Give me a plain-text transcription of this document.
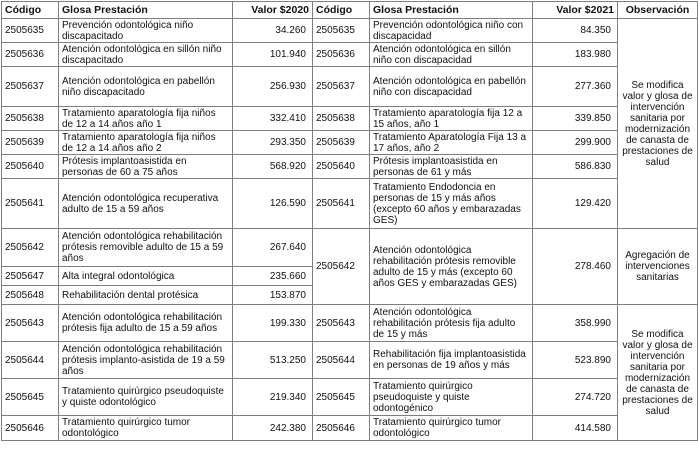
Código	Glosa Prestación	Valor $2020	Código	Glosa Prestación	Valor $2021	Observación
2505635	Prevención odontológica niño discapacitado	34.260	2505635	Prevención odontológica niño con discapacidad	84.350	Se modifica valor y glosa de intervención sanitaria por modernización de canasta de prestaciones de salud
2505636	Atención odontológica en sillón niño discapacitado	101.940	2505636	Atención odontológica en sillón niño con discapacidad	183.980	
2505637	Atención odontológica en pabellón niño discapacitado	256.930	2505637	Atención odontológica en pabellón niño con discapacidad	277.360	
2505638	Tratamiento aparatología fija niños de 12 a 14 años año 1	332.410	2505638	Tratamiento aparatología fija 12 a 15 años, año 1	339.850	
2505639	Tratamiento aparatología fija niños de 12 a 14 años año 2	293.350	2505639	Tratamiento Aparatología Fija 13 a 17 años, año 2	299.900	
2505640	Prótesis implantoasistida en personas de 60 a 75 años	568.920	2505640	Prótesis implantoasistida en personas de 61 y más	586.830	
2505641	Atención odontológica recuperativa adulto de 15 a 59 años	126.590	2505641	Tratamiento Endodoncia en personas de 15 y más años (excepto 60 años y embarazadas GES)	129.420	
2505642	Atención odontológica rehabilitación prótesis removible adulto de 15 a 59 años	267.640	2505642	Atención odontológica rehabilitación prótesis removible adulto de 15 y más (excepto 60 años GES y embarazadas GES)	278.460	Agregación de intervenciones sanitarias
2505647	Alta integral odontológica	235.660				
2505648	Rehabilitación dental protésica	153.870				
2505643	Atención odontológica rehabilitación prótesis fija adulto de 15 a 59 años	199.330	2505643	Atención odontológica rehabilitación prótesis fija adulto de 15 y más	358.990	Se modifica valor y glosa de intervención sanitaria por modernización de canasta de prestaciones de salud
2505644	Atención odontológica rehabilitación prótesis implanto-asistida de 19 a 59 años	513.250	2505644	Rehabilitación fija implantoasistida en personas de 19 años y más	523.890	
2505645	Tratamiento quirúrgico pseudoquiste y quiste odontológico	219.340	2505645	Tratamiento quirúrgico pseudoquiste y quiste odontogénico	274.720	
2505646	Tratamiento quirúrgico tumor odontológico	242.380	2505646	Tratamiento quirúrgico tumor odontológico	414.580	
